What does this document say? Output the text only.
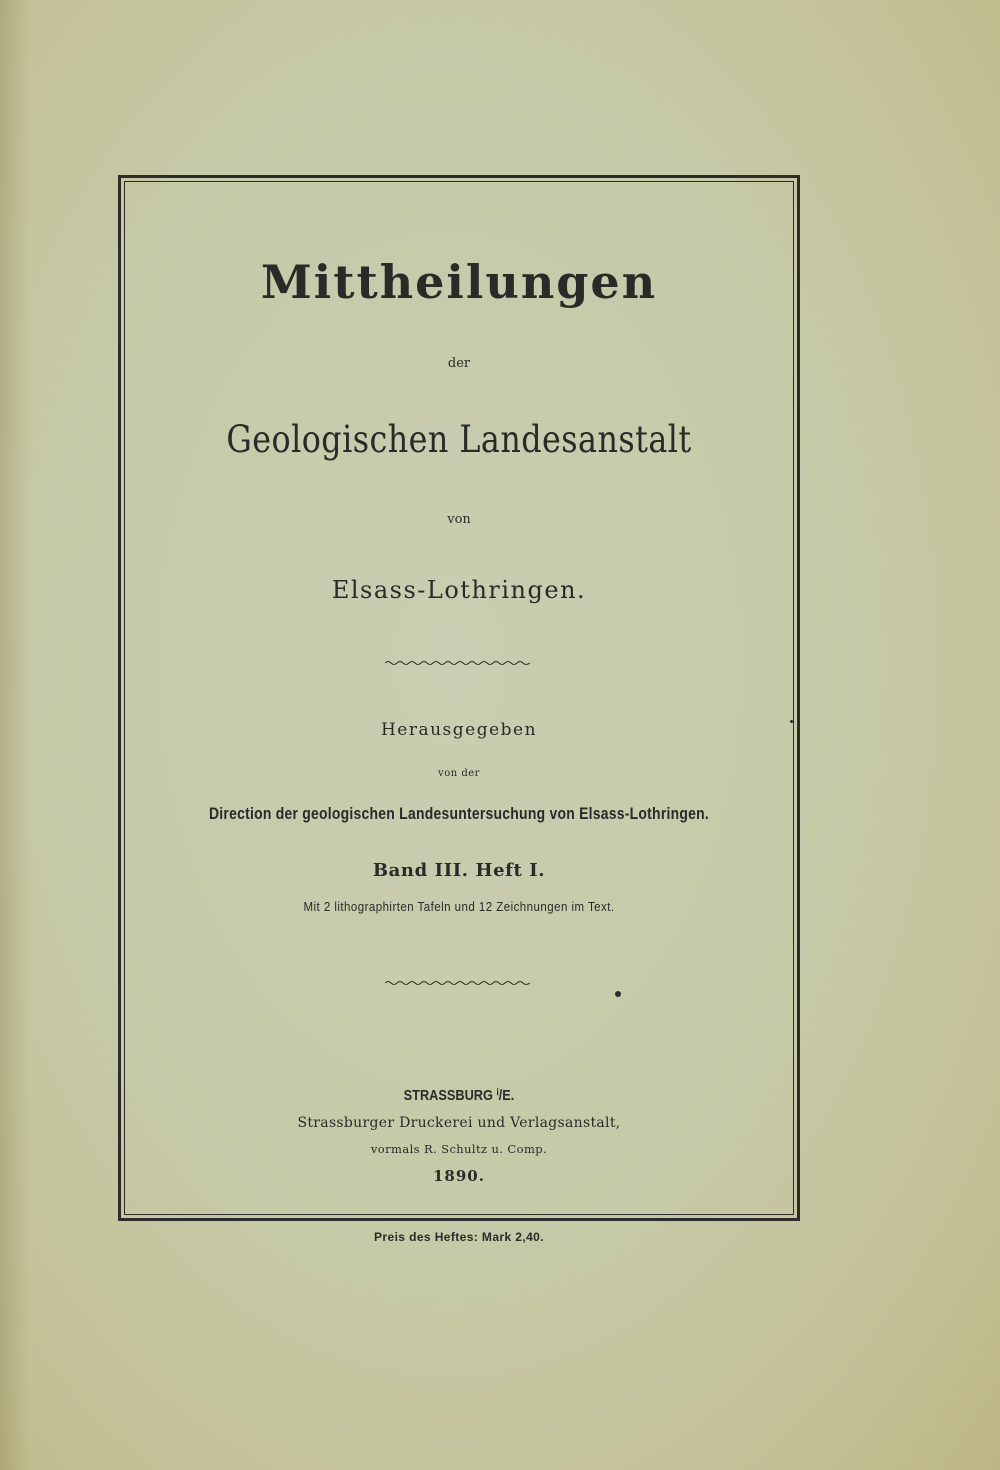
Mittheilungen
der
Geologischen Landesanstalt
von
Elsass-Lothringen.
Herausgegeben
von der
Direction der geologischen Landesuntersuchung von Elsass-Lothringen.
Band III. Heft I.
Mit 2 lithographirten Tafeln und 12 Zeichnungen im Text.
STRASSBURG ⁱ/E.
Strassburger Druckerei und Verlagsanstalt,
vormals R. Schultz u. Comp.
1890.
Preis des Heftes: Mark 2,40.
